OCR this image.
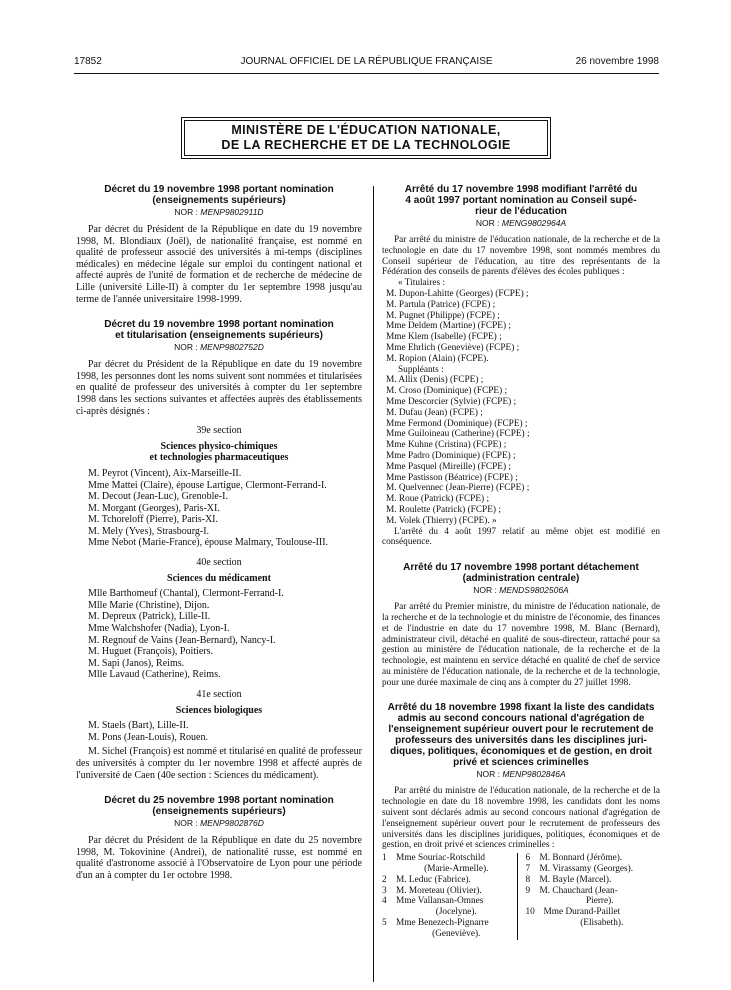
17852	JOURNAL OFFICIEL DE LA RÉPUBLIQUE FRANÇAISE	26 novembre 1998
MINISTÈRE DE L'ÉDUCATION NATIONALE,
DE LA RECHERCHE ET DE LA TECHNOLOGIE

Décret du 19 novembre 1998 portant nomination

(enseignements supérieurs)

NOR : MENP9802911D

Par décret du Président de la République en date du 19 novembre 1998, M. Blondiaux (Joël), de nationalité française, est nommé en qualité de professeur associé des universités à mi-temps (disciplines médicales) en médecine légale sur emploi du contingent national et affecté auprès de l'unité de formation et de recherche de médecine de Lille (université Lille-II) à compter du 1er septembre 1998 jusqu'au terme de l'année universitaire 1998-1999.

Décret du 19 novembre 1998 portant nomination

et titularisation (enseignements supérieurs)

NOR : MENP9802752D

Par décret du Président de la République en date du 19 novembre 1998, les personnes dont les noms suivent sont nommées et titularisées en qualité de professeur des universités à compter du 1er septembre 1998 dans les sections suivantes et affectées auprès des établissements ci-après désignés :

39e section

Sciences physico-chimiques

et technologies pharmaceutiques

M. Peyrot (Vincent), Aix-Marseille-II.
Mme Mattei (Claire), épouse Lartigue, Clermont-Ferrand-I.
M. Decout (Jean-Luc), Grenoble-I.
M. Morgant (Georges), Paris-XI.
M. Tchoreloff (Pierre), Paris-XI.
M. Mely (Yves), Strasbourg-I.
Mme Nebot (Marie-France), épouse Malmary, Toulouse-III.

40e section

Sciences du médicament

Mlle Barthomeuf (Chantal), Clermont-Ferrand-I.
Mlle Marie (Christine), Dijon.
M. Depreux (Patrick), Lille-II.
Mme Walchshofer (Nadia), Lyon-I.
M. Regnouf de Vains (Jean-Bernard), Nancy-I.
M. Huguet (François), Poitiers.
M. Sapi (Janos), Reims.
Mlle Lavaud (Catherine), Reims.

41e section

Sciences biologiques

M. Staels (Bart), Lille-II.
M. Pons (Jean-Louis), Rouen.

M. Sichel (François) est nommé et titularisé en qualité de professeur des universités à compter du 1er novembre 1998 et affecté auprès de l'université de Caen (40e section : Sciences du médicament).

Décret du 25 novembre 1998 portant nomination

(enseignements supérieurs)

NOR : MENP9802876D

Par décret du Président de la République en date du 25 novembre 1998, M. Tokovinine (Andrei), de nationalité russe, est nommé en qualité d'astronome associé à l'Observatoire de Lyon pour une période d'un an à compter du 1er octobre 1998.

Arrêté du 17 novembre 1998 modifiant l'arrêté du

4 août 1997 portant nomination au Conseil supé-

rieur de l'éducation

NOR : MENG9802964A

Par arrêté du ministre de l'éducation nationale, de la recherche et de la technologie en date du 17 novembre 1998, sont nommés membres du Conseil supérieur de l'éducation, au titre des représentants de la Fédération des conseils de parents d'élèves des écoles publiques :

« Titulaires :
M. Dupon-Lahitte (Georges) (FCPE) ;
M. Partula (Patrice) (FCPE) ;
M. Pugnet (Philippe) (FCPE) ;
Mme Deldem (Martine) (FCPE) ;
Mme Klem (Isabelle) (FCPE) ;
Mme Ehrlich (Geneviève) (FCPE) ;
M. Ropion (Alain) (FCPE).
Suppléants :
M. Allix (Denis) (FCPE) ;
M. Croso (Dominique) (FCPE) ;
Mme Descorcier (Sylvie) (FCPE) ;
M. Dufau (Jean) (FCPE) ;
Mme Fermond (Dominique) (FCPE) ;
Mme Guiloineau (Catherine) (FCPE) ;
Mme Kuhne (Cristina) (FCPE) ;
Mme Padro (Dominique) (FCPE) ;
Mme Pasquel (Mireille) (FCPE) ;
Mme Pastisson (Béatrice) (FCPE) ;
M. Quelvennec (Jean-Pierre) (FCPE) ;
M. Roue (Patrick) (FCPE) ;
M. Roulette (Patrick) (FCPE) ;
M. Volek (Thierry) (FCPE). »

L'arrêté du 4 août 1997 relatif au même objet est modifié en conséquence.

Arrêté du 17 novembre 1998 portant détachement

(administration centrale)

NOR : MENDS9802506A

Par arrêté du Premier ministre, du ministre de l'éducation nationale, de la recherche et de la technologie et du ministre de l'économie, des finances et de l'industrie en date du 17 novembre 1998, M. Blanc (Bernard), administrateur civil, détaché en qualité de sous-directeur, rattaché pour sa gestion au ministère de l'éducation nationale, de la recherche et de la technologie, est maintenu en service détaché en qualité de chef de service au ministère de l'éducation nationale, de la recherche et de la technologie, pour une durée maximale de cinq ans à compter du 27 juillet 1998.

Arrêté du 18 novembre 1998 fixant la liste des candidats

admis au second concours national d'agrégation de

l'enseignement supérieur ouvert pour le recrutement de

professeurs des universités dans les disciplines juri-

diques, politiques, économiques et de gestion, en droit

privé et sciences criminelles

NOR : MENP9802846A

Par arrêté du ministre de l'éducation nationale, de la recherche et de la technologie en date du 18 novembre 1998, les candidats dont les noms suivent sont déclarés admis au second concours national d'agrégation de l'enseignement supérieur ouvert pour le recrutement de professeurs des universités dans les disciplines juridiques, politiques, économiques et de gestion, en droit privé et sciences criminelles :

1	Mme Souriac-Rotschild
(Marie-Armelle).
2	M. Leduc (Fabrice).
3	M. Moreteau (Olivier).
4	Mme Vallansan-Omnes
(Jocelyne).
5	Mme Benezech-Pignarre
(Geneviève).
6	M. Bonnard (Jérôme).
7	M. Virassamy (Georges).
8	M. Bayle (Marcel).
9	M. Chauchard (Jean-
Pierre).
10 Mme Durand-Paillet
(Elisabeth).
